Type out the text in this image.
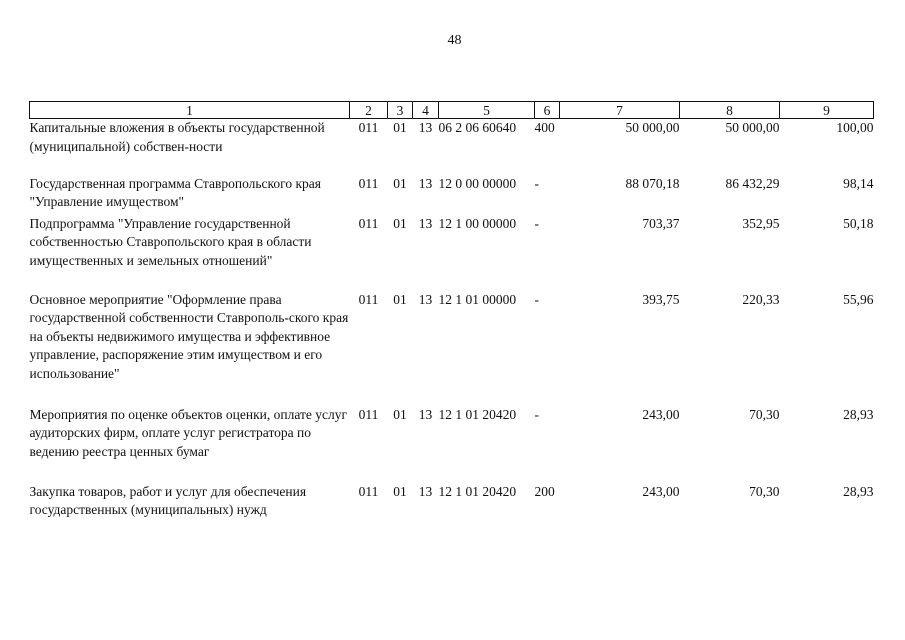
48
1	2	3	4	5	6	7	8	9
Капитальные вложения в объекты государственной (муниципальной) собствен-ности	011	01	13	06 2 06 60640	400	50 000,00	50 000,00	100,00
Государственная программа Ставропольского края "Управление имуществом"	011	01	13	12 0 00 00000	-	88 070,18	86 432,29	98,14
Подпрограмма "Управление государственной собственностью Ставропольского края в области имущественных и земельных отношений"	011	01	13	12 1 00 00000	-	703,37	352,95	50,18
Основное мероприятие "Оформление права государственной собственности Ставрополь-ского края на объекты недвижимого имущества и эффективное управление, распоряжение этим имуществом и его использование"	011	01	13	12 1 01 00000	-	393,75	220,33	55,96
Мероприятия по оценке объектов оценки, оплате услуг аудиторских фирм, оплате услуг регистратора по ведению реестра ценных бумаг	011	01	13	12 1 01 20420	-	243,00	70,30	28,93
Закупка товаров, работ и услуг для обеспечения государственных (муниципальных) нужд	011	01	13	12 1 01 20420	200	243,00	70,30	28,93
